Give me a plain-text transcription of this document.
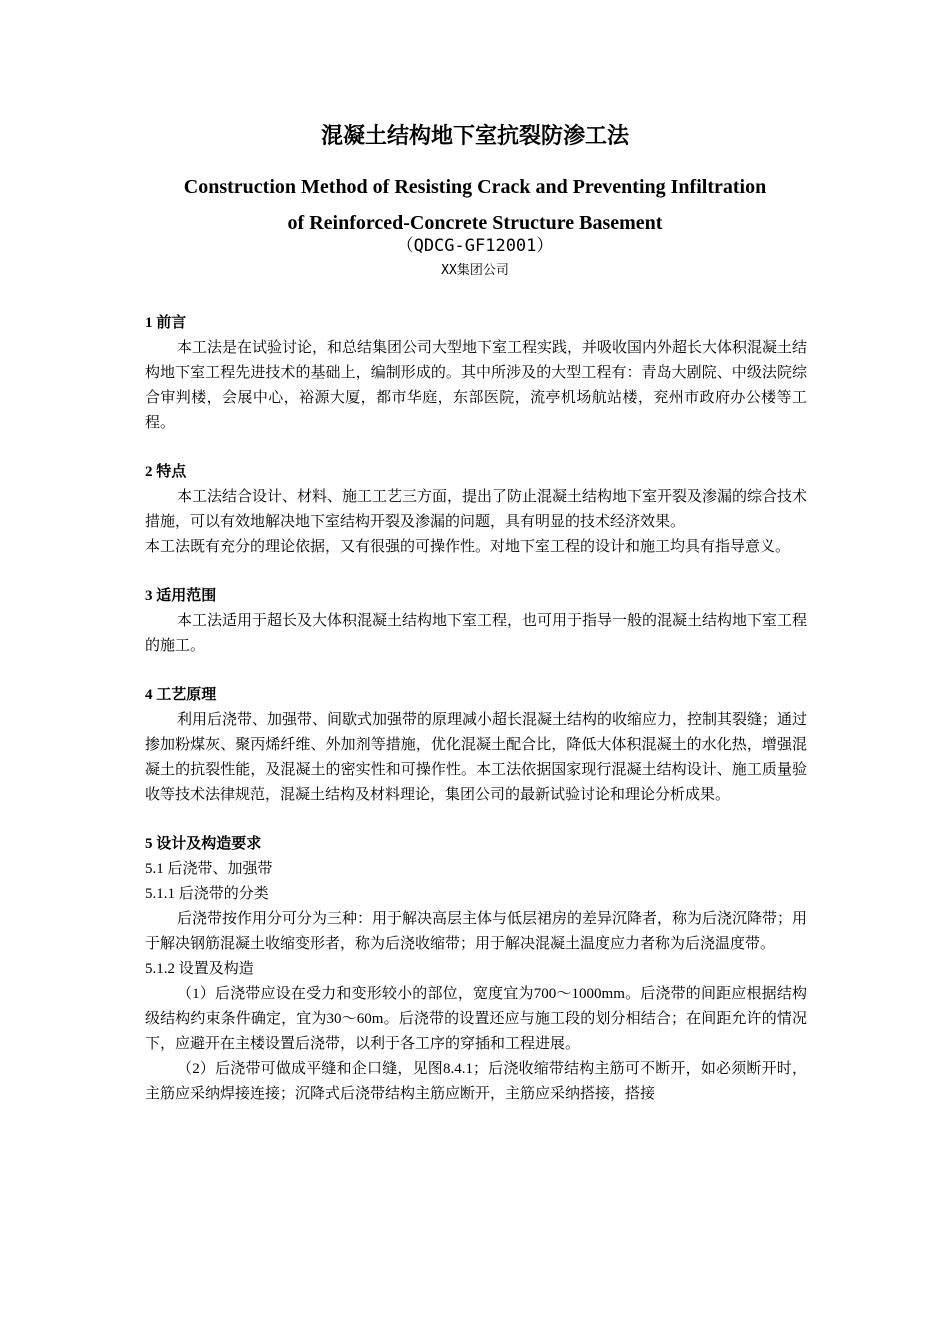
混凝土结构地下室抗裂防渗工法
Construction Method of Resisting Crack and Preventing Infiltration
of Reinforced-Concrete Structure Basement
（QDCG-GF12001）
XX集团公司

1 前言

本工法是在试验讨论，和总结集团公司大型地下室工程实践，并吸收国内外超长大体积混凝土结构地下室工程先进技术的基础上，编制形成的。其中所涉及的大型工程有：青岛大剧院、中级法院综合审判楼，会展中心，裕源大厦，都市华庭，东部医院，流亭机场航站楼，兖州市政府办公楼等工程。

2 特点

本工法结合设计、材料、施工工艺三方面，提出了防止混凝土结构地下室开裂及渗漏的综合技术措施，可以有效地解决地下室结构开裂及渗漏的问题，具有明显的技术经济效果。

本工法既有充分的理论依据，又有很强的可操作性。对地下室工程的设计和施工均具有指导意义。

3 适用范围

本工法适用于超长及大体积混凝土结构地下室工程，也可用于指导一般的混凝土结构地下室工程的施工。

4 工艺原理

利用后浇带、加强带、间歇式加强带的原理减小超长混凝土结构的收缩应力，控制其裂缝；通过掺加粉煤灰、聚丙烯纤维、外加剂等措施，优化混凝土配合比，降低大体积混凝土的水化热，增强混凝土的抗裂性能，及混凝土的密实性和可操作性。本工法依据国家现行混凝土结构设计、施工质量验收等技术法律规范，混凝土结构及材料理论，集团公司的最新试验讨论和理论分析成果。

5 设计及构造要求

5.1 后浇带、加强带

5.1.1 后浇带的分类

后浇带按作用分可分为三种：用于解决高层主体与低层裙房的差异沉降者，称为后浇沉降带；用于解决钢筋混凝土收缩变形者，称为后浇收缩带；用于解决混凝土温度应力者称为后浇温度带。

5.1.2 设置及构造

（1）后浇带应设在受力和变形较小的部位，宽度宜为700～1000mm。后浇带的间距应根据结构级结构约束条件确定，宜为30～60m。后浇带的设置还应与施工段的划分相结合；在间距允许的情况下，应避开在主楼设置后浇带，以利于各工序的穿插和工程进展。

（2）后浇带可做成平缝和企口缝，见图8.4.1；后浇收缩带结构主筋可不断开，如必须断开时，主筋应采纳焊接连接；沉降式后浇带结构主筋应断开，主筋应采纳搭接，搭接
